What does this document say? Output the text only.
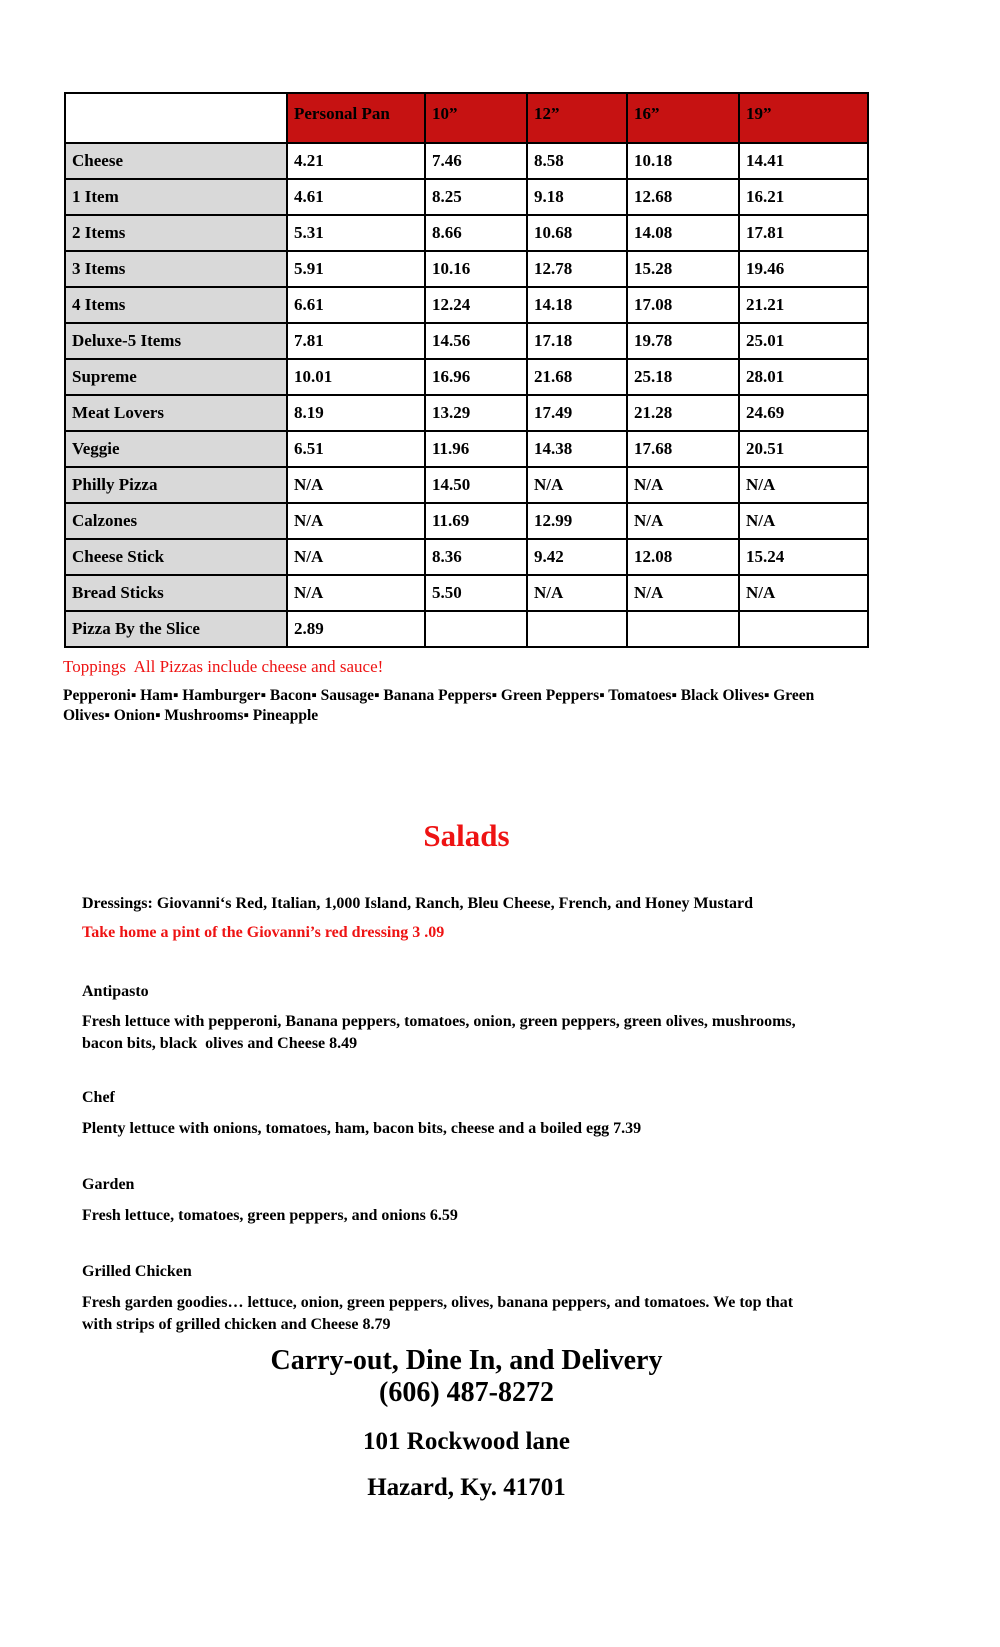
	Personal Pan	10”	12”	16”	19”
Cheese	4.21	7.46	8.58	10.18	14.41
1 Item	4.61	8.25	9.18	12.68	16.21
2 Items	5.31	8.66	10.68	14.08	17.81
3 Items	5.91	10.16	12.78	15.28	19.46
4 Items	6.61	12.24	14.18	17.08	21.21
Deluxe-5 Items	7.81	14.56	17.18	19.78	25.01
Supreme	10.01	16.96	21.68	25.18	28.01
Meat Lovers	8.19	13.29	17.49	21.28	24.69
Veggie	6.51	11.96	14.38	17.68	20.51
Philly Pizza	N/A	14.50	N/A	N/A	N/A
Calzones	N/A	11.69	12.99	N/A	N/A
Cheese Stick	N/A	8.36	9.42	12.08	15.24
Bread Sticks	N/A	5.50	N/A	N/A	N/A
Pizza By the Slice	2.89				
Toppings  All Pizzas include cheese and sauce!
Pepperoni▪ Ham▪ Hamburger▪ Bacon▪ Sausage▪ Banana Peppers▪ Green Peppers▪ Tomatoes▪ Black Olives▪ Green Olives▪ Onion▪ Mushrooms▪ Pineapple
Salads
Dressings: Giovanni‘s Red, Italian, 1,000 Island, Ranch, Bleu Cheese, French, and Honey Mustard
Take home a pint of the Giovanni’s red dressing 3 .09
Antipasto
Fresh lettuce with pepperoni, Banana peppers, tomatoes, onion, green peppers, green olives, mushrooms, bacon bits, black  olives and Cheese 8.49
Chef
Plenty lettuce with onions, tomatoes, ham, bacon bits, cheese and a boiled egg 7.39
Garden
Fresh lettuce, tomatoes, green peppers, and onions 6.59
Grilled Chicken
Fresh garden goodies… lettuce, onion, green peppers, olives, banana peppers, and tomatoes. We top that with strips of grilled chicken and Cheese 8.79
Carry-out, Dine In, and Delivery
(606) 487-8272
101 Rockwood lane
Hazard, Ky. 41701
